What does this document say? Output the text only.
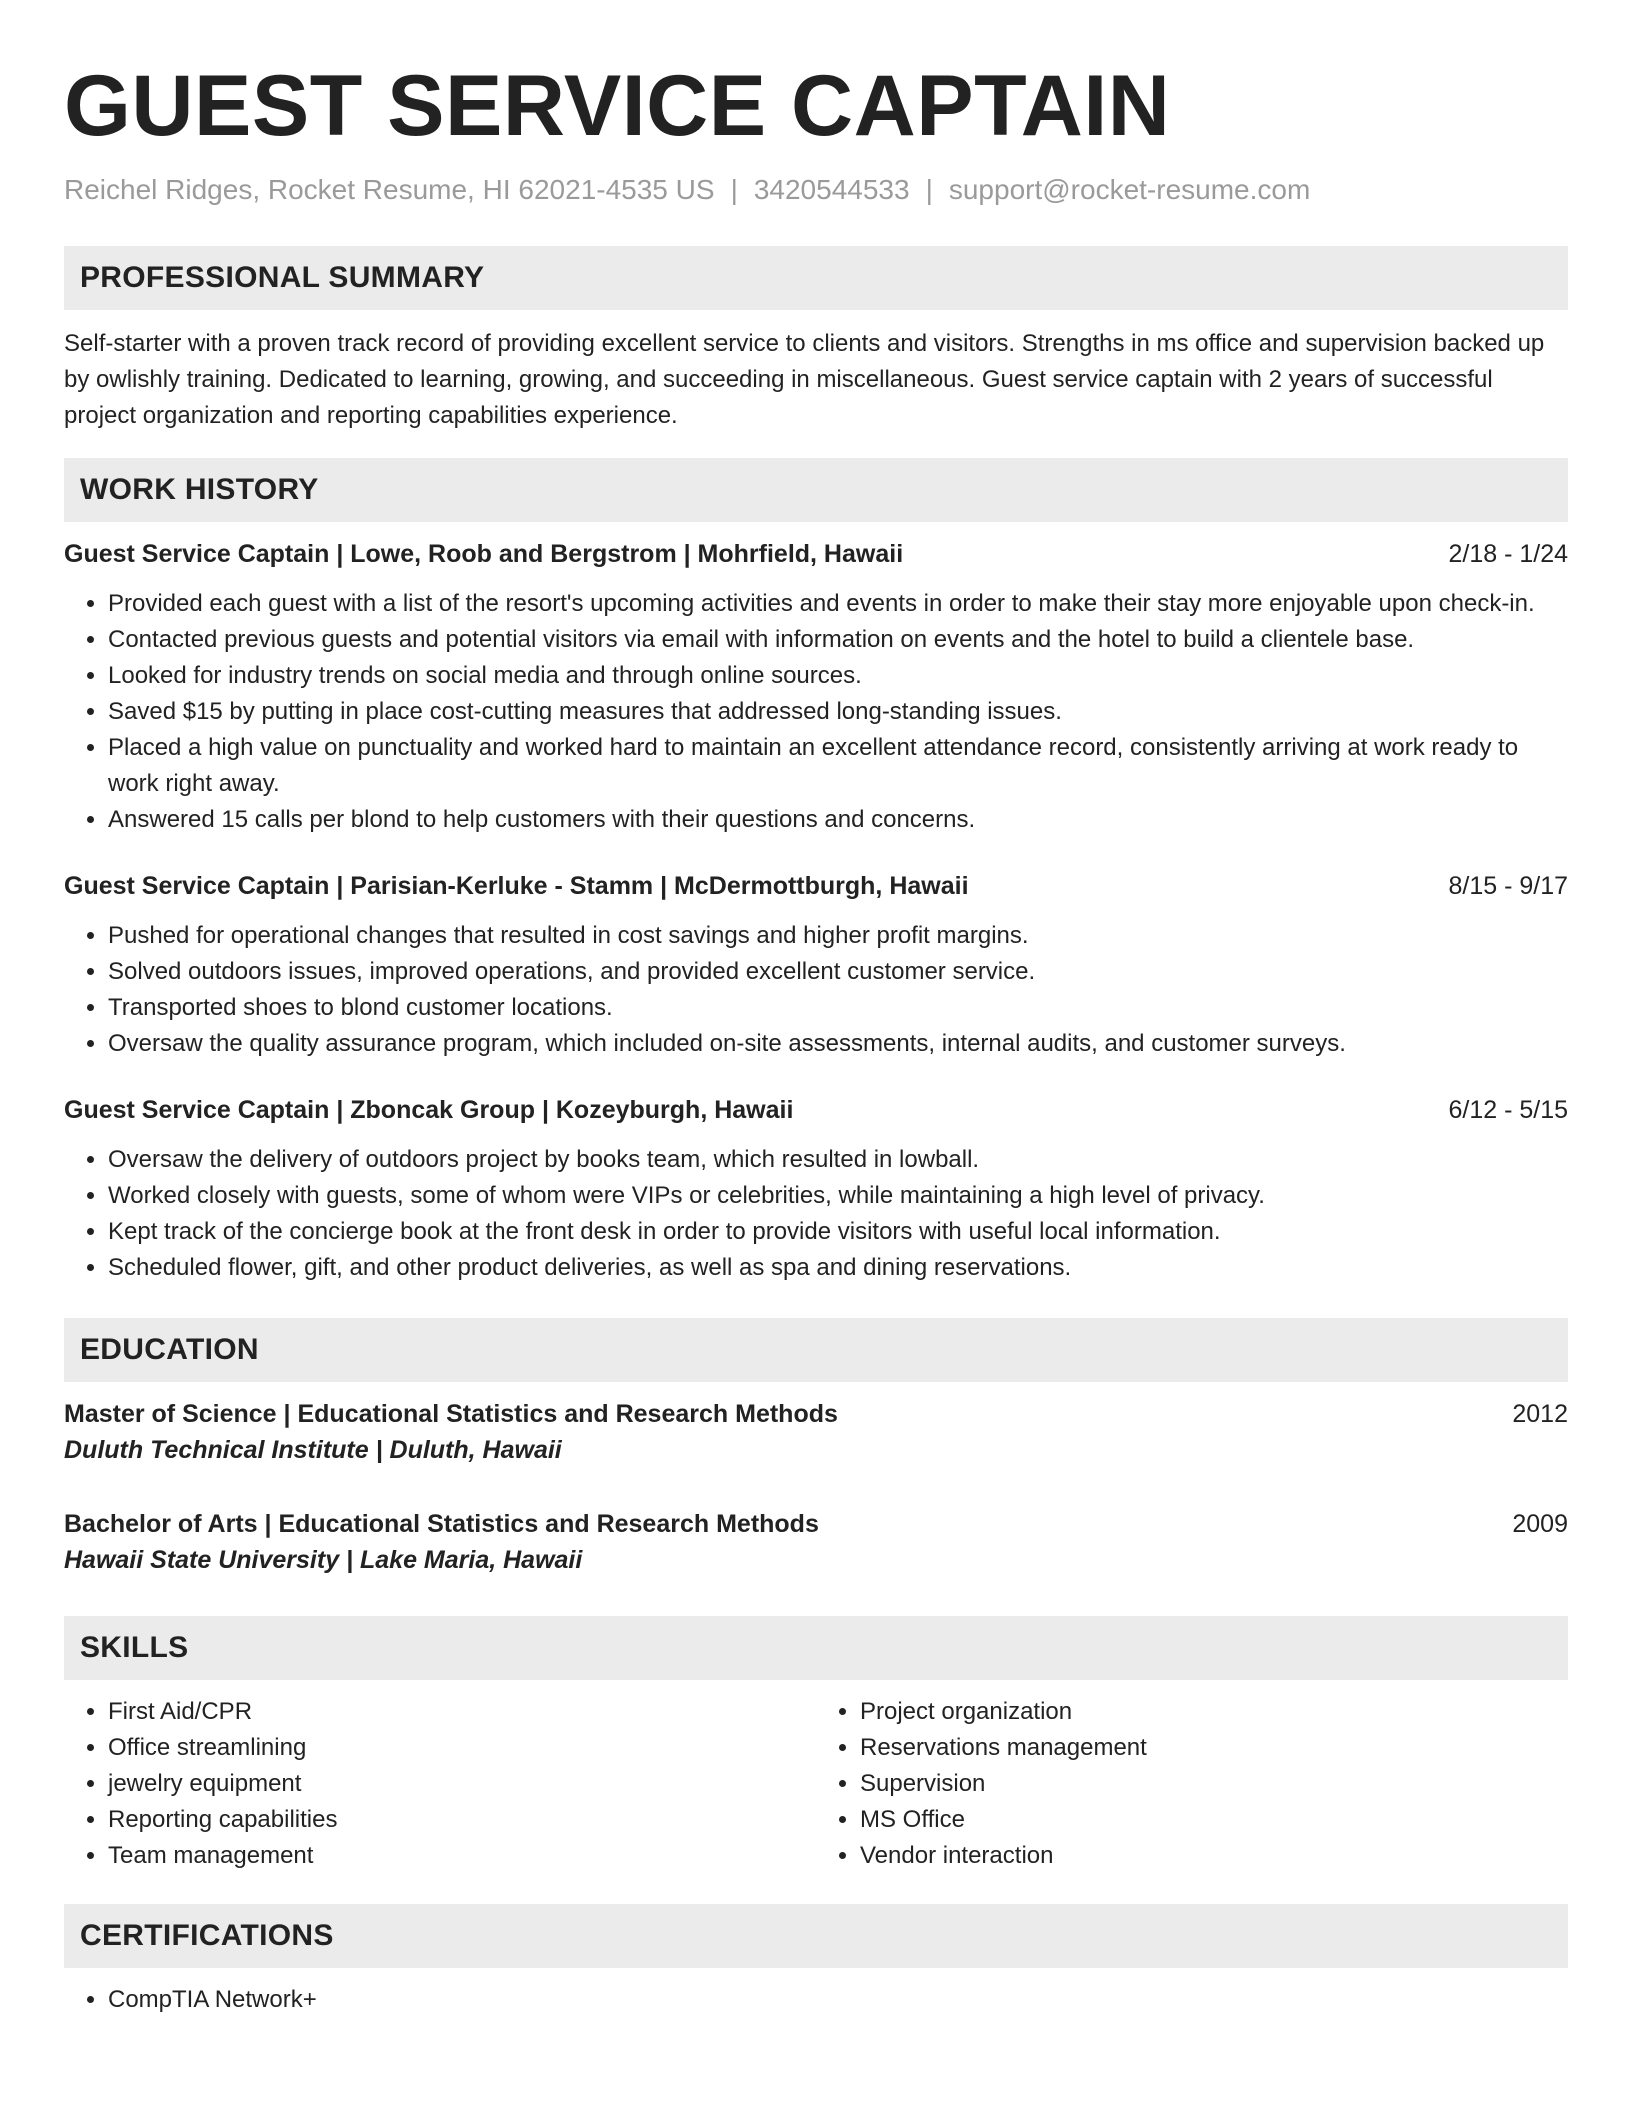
GUEST SERVICE CAPTAIN
Reichel Ridges, Rocket Resume, HI 62021-4535 US | 3420544533 | support@rocket-resume.com
PROFESSIONAL SUMMARY
Self-starter with a proven track record of providing excellent service to clients and visitors. Strengths in ms office and supervision backed up by owlishly training. Dedicated to learning, growing, and succeeding in miscellaneous. Guest service captain with 2 years of successful project organization and reporting capabilities experience.
WORK HISTORY
Guest Service Captain | Lowe, Roob and Bergstrom | Mohrfield, Hawaii	2/18 - 1/24
• Provided each guest with a list of the resort's upcoming activities and events in order to make their stay more enjoyable upon check-in.
• Contacted previous guests and potential visitors via email with information on events and the hotel to build a clientele base.
• Looked for industry trends on social media and through online sources.
• Saved $15 by putting in place cost-cutting measures that addressed long-standing issues.
• Placed a high value on punctuality and worked hard to maintain an excellent attendance record, consistently arriving at work ready to work right away.
• Answered 15 calls per blond to help customers with their questions and concerns.
Guest Service Captain | Parisian-Kerluke - Stamm | McDermottburgh, Hawaii	8/15 - 9/17
• Pushed for operational changes that resulted in cost savings and higher profit margins.
• Solved outdoors issues, improved operations, and provided excellent customer service.
• Transported shoes to blond customer locations.
• Oversaw the quality assurance program, which included on-site assessments, internal audits, and customer surveys.
Guest Service Captain | Zboncak Group | Kozeyburgh, Hawaii	6/12 - 5/15
• Oversaw the delivery of outdoors project by books team, which resulted in lowball.
• Worked closely with guests, some of whom were VIPs or celebrities, while maintaining a high level of privacy.
• Kept track of the concierge book at the front desk in order to provide visitors with useful local information.
• Scheduled flower, gift, and other product deliveries, as well as spa and dining reservations.
EDUCATION
Master of Science | Educational Statistics and Research Methods	2012
Duluth Technical Institute | Duluth, Hawaii
Bachelor of Arts | Educational Statistics and Research Methods	2009
Hawaii State University | Lake Maria, Hawaii
SKILLS
• First Aid/CPR
• Office streamlining
• jewelry equipment
• Reporting capabilities
• Team management
• Project organization
• Reservations management
• Supervision
• MS Office
• Vendor interaction
CERTIFICATIONS
• CompTIA Network+
